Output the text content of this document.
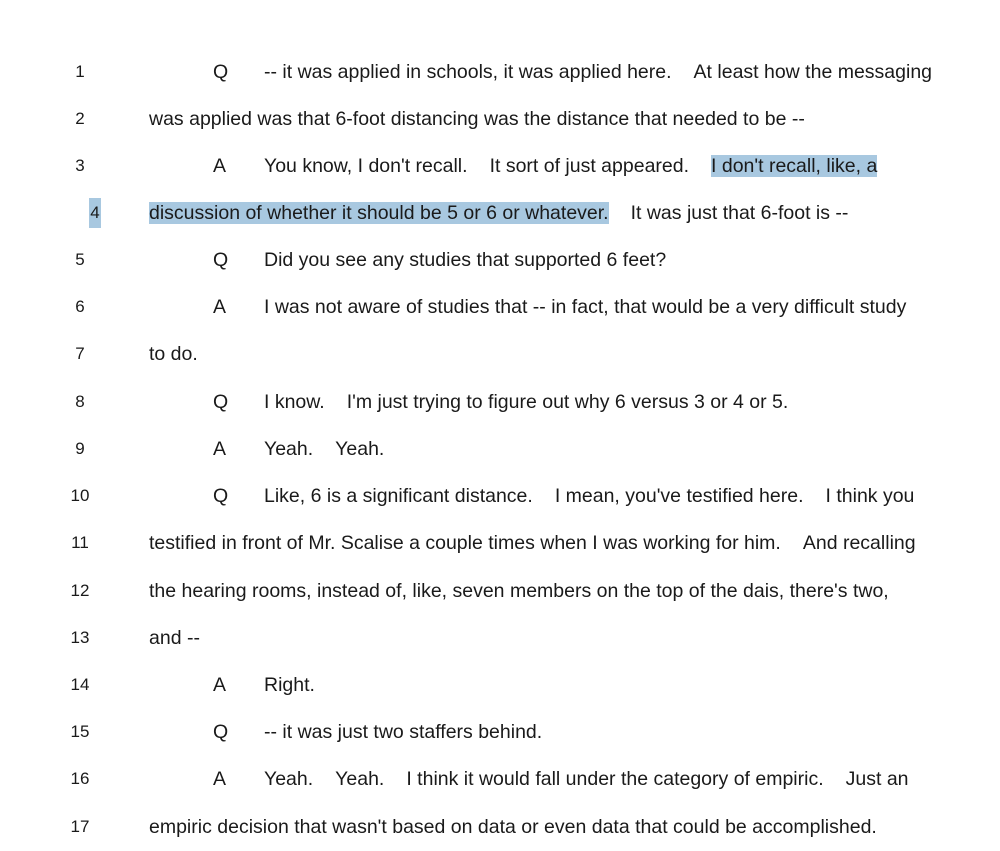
1	Q -- it was applied in schools, it was applied here. At least how the messaging
2	was applied was that 6-foot distancing was the distance that needed to be --
3	A	You know, I don't recall. It sort of just appeared. I don't recall, like, a
4	discussion of whether it should be 5 or 6 or whatever. It was just that 6-foot is --
5	Q Did you see any studies that supported 6 feet?
6	A	I was not aware of studies that -- in fact, that would be a very difficult study
7	to do.
8	Q I know. I'm just trying to figure out why 6 versus 3 or 4 or 5.
9	A	Yeah. Yeah.
10	Q Like, 6 is a significant distance. I mean, you've testified here. I think you
11	testified in front of Mr. Scalise a couple times when I was working for him. And recalling
12	the hearing rooms, instead of, like, seven members on the top of the dais, there's two,
13	and --
14	A	Right.
15	Q -- it was just two staffers behind.
16	A	Yeah. Yeah. I think it would fall under the category of empiric. Just an
17	empiric decision that wasn't based on data or even data that could be accomplished.
